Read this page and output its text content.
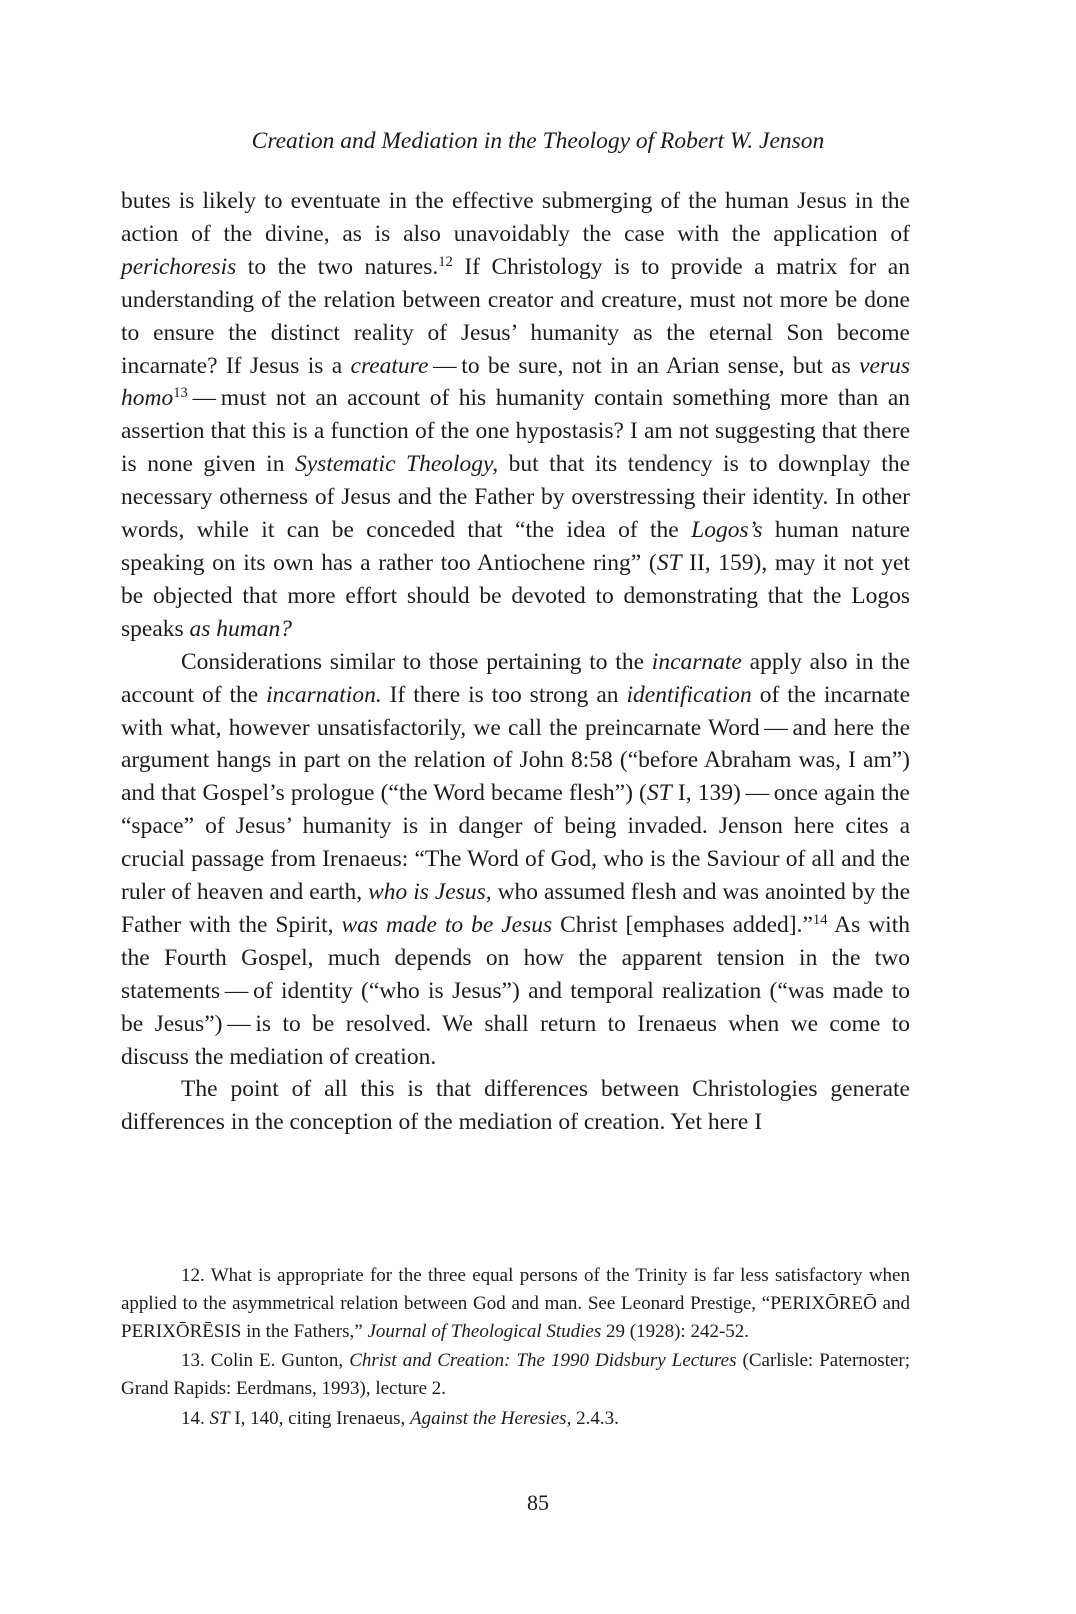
Creation and Mediation in the Theology of Robert W. Jenson

butes is likely to eventuate in the effective submerging of the human Jesus in the action of the divine, as is also unavoidably the case with the application of perichoresis to the two natures.$^{12}$ If Christology is to provide a matrix for an understanding of the relation between creator and creature, must not more be done to ensure the distinct reality of Jesus’ humanity as the eternal Son become incarnate? If Jesus is a creature — to be sure, not in an Arian sense, but as verus homo$^{13}$ — must not an account of his humanity contain something more than an assertion that this is a function of the one hypostasis? I am not suggesting that there is none given in Systematic Theology, but that its tendency is to downplay the necessary otherness of Jesus and the Father by overstressing their identity. In other words, while it can be conceded that “the idea of the Logos’s human nature speaking on its own has a rather too Antiochene ring” (ST II, 159), may it not yet be objected that more effort should be devoted to demonstrating that the Logos speaks as human?

Considerations similar to those pertaining to the incarnate apply also in the account of the incarnation. If there is too strong an identification of the incarnate with what, however unsatisfactorily, we call the preincarnate Word — and here the argument hangs in part on the relation of John 8:58 (“before Abraham was, I am”) and that Gospel’s prologue (“the Word became flesh”) (ST I, 139) — once again the “space” of Jesus’ humanity is in danger of being invaded. Jenson here cites a crucial passage from Irenaeus: “The Word of God, who is the Saviour of all and the ruler of heaven and earth, who is Jesus, who assumed flesh and was anointed by the Father with the Spirit, was made to be Jesus Christ [emphases added].”$^{14}$ As with the Fourth Gospel, much depends on how the apparent tension in the two statements — of identity (“who is Jesus”) and temporal realization (“was made to be Jesus”) — is to be resolved. We shall return to Irenaeus when we come to discuss the mediation of creation.

The point of all this is that differences between Christologies generate differences in the conception of the mediation of creation. Yet here I

12. What is appropriate for the three equal persons of the Trinity is far less satisfactory when applied to the asymmetrical relation between God and man. See Leonard Prestige, “PERIXŌREŌ and PERIXŌRĒSIS in the Fathers,” Journal of Theological Studies 29 (1928): 242-52.

13. Colin E. Gunton, Christ and Creation: The 1990 Didsbury Lectures (Carlisle: Paternoster; Grand Rapids: Eerdmans, 1993), lecture 2.

14. ST I, 140, citing Irenaeus, Against the Heresies, 2.4.3.

85
